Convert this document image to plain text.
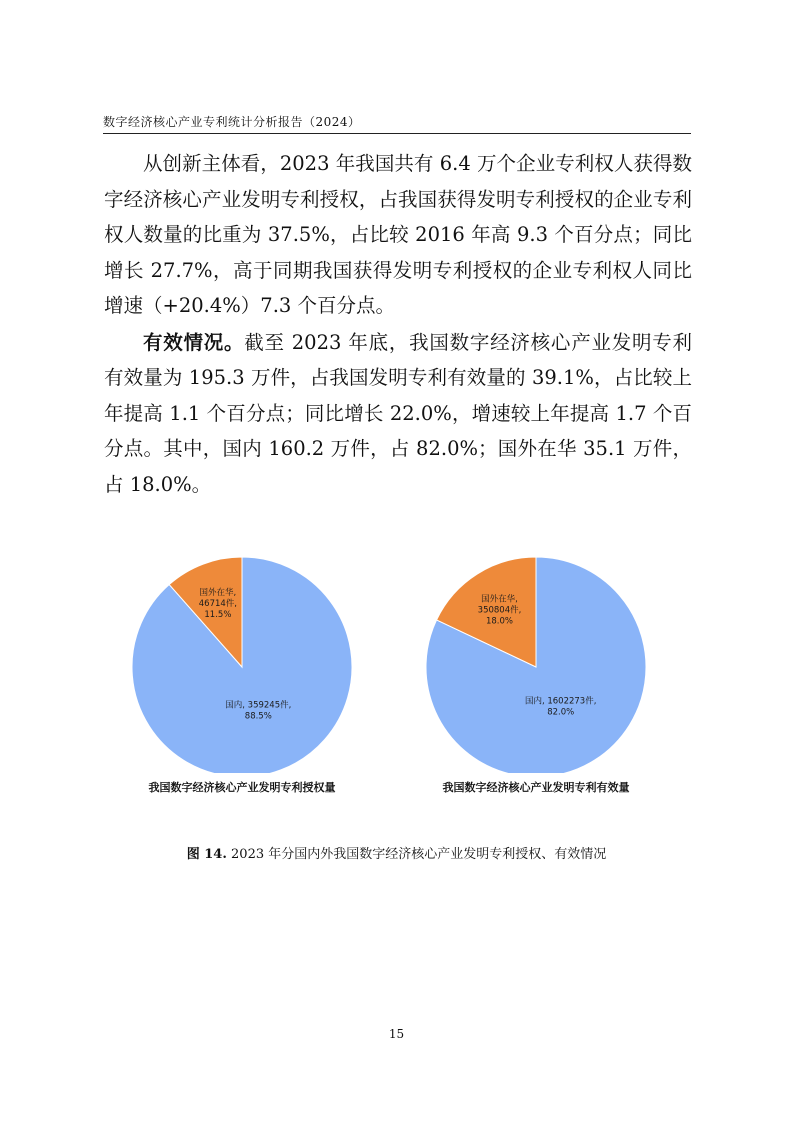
数字经济核心产业专利统计分析报告（2024）

从创新主体看，2023 年我国共有 6.4 万个企业专利权人获得数字经济核心产业发明专利授权，占我国获得发明专利授权的企业专利权人数量的比重为 37.5%，占比较 2016 年高 9.3 个百分点；同比增长 27.7%，高于同期我国获得发明专利授权的企业专利权人同比增速（+20.4%）7.3 个百分点。

有效情况。截至 2023 年底，我国数字经济核心产业发明专利有效量为 195.3 万件，占我国发明专利有效量的 39.1%，占比较上年提高 1.1 个百分点；同比增长 22.0%，增速较上年提高 1.7 个百分点。其中，国内 160.2 万件，占 82.0%；国外在华 35.1 万件，占 18.0%。

国内, 359245件, 88.5%
国外在华, 46714件, 11.5%
我国数字经济核心产业发明专利授权量
国内, 1602273件, 82.0%
国外在华, 350804件, 18.0%
我国数字经济核心产业发明专利有效量
图 14. 2023 年分国内外我国数字经济核心产业发明专利授权、有效情况
15
